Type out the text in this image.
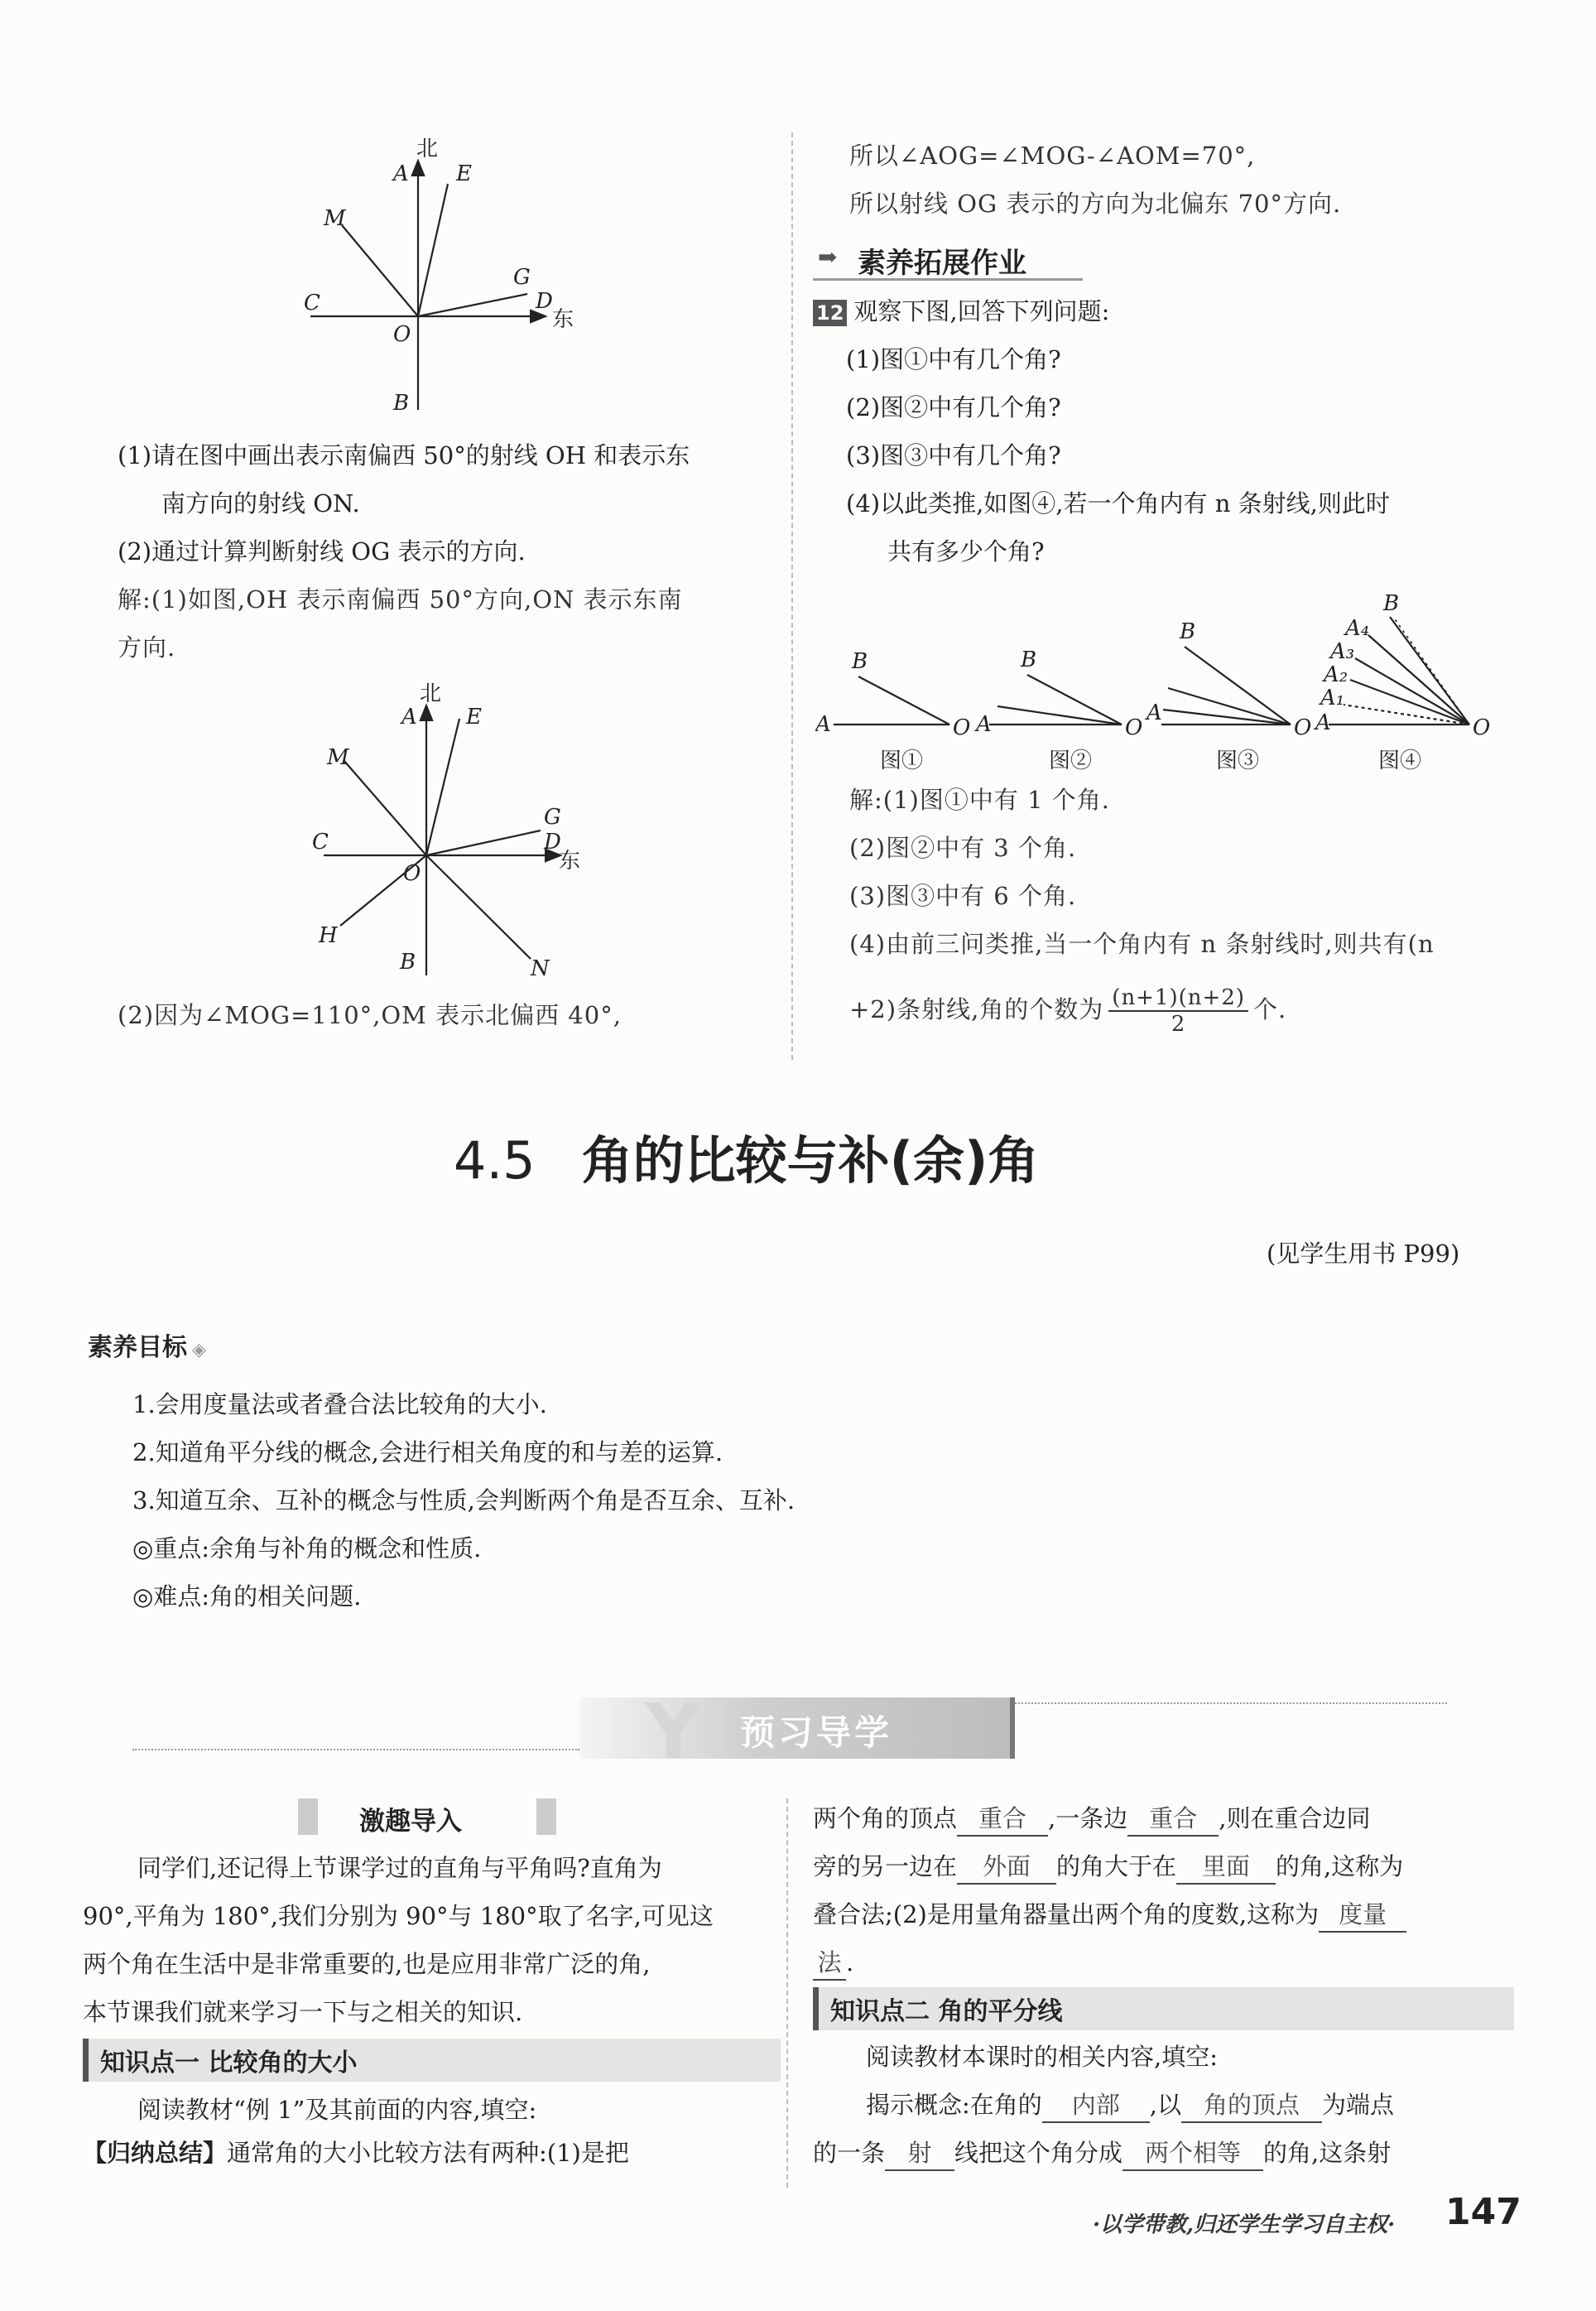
北
A E
M
G
C	D
东
O
B
(1)请在图中画出表示南偏西 50°的射线 OH 和表示东
南方向的射线 ON.
(2)通过计算判断射线 OG 表示的方向.
解:(1)如图,OH 表示南偏西 50°方向,ON 表示东南
方向.
北
A E
M
G
C	D
东
O
H
B	N
(2)因为∠MOG=110°,OM 表示北偏西 40°,
所以∠AOG=∠MOG-∠AOM=70°,
所以射线 OG 表示的方向为北偏东 70°方向.
➡ 素养拓展作业
12 观察下图,回答下列问题:
(1)图①中有几个角?
(2)图②中有几个角?
(3)图③中有几个角?
(4)以此类推,如图④,若一个角内有 n 条射线,则此时
共有多少个角?
A
B
O
图①
A
B
O
图②
A
B
O
图③
A
A₁
A₂
A₃
A₄
B
O
图④
解:(1)图①中有 1 个角.
(2)图②中有 3 个角.
(3)图③中有 6 个角.
(4)由前三问类推,当一个角内有 n 条射线时,则共有(n
+2)条射线,角的个数为 $\frac{(n+1)(n+2)}{2}$ 个.
4.5 角的比较与补(余)角
(见学生用书 P99)
素养目标 ◈
1.会用度量法或者叠合法比较角的大小.
2.知道角平分线的概念,会进行相关角度的和与差的运算.
3.知道互余、互补的概念与性质,会判断两个角是否互余、互补.
◎重点:余角与补角的概念和性质.
◎难点:角的相关问题.
Y 预习导学
激趣导入
同学们,还记得上节课学过的直角与平角吗?直角为
90°,平角为 180°,我们分别为 90°与 180°取了名字,可见这
两个角在生活中是非常重要的,也是应用非常广泛的角,
本节课我们就来学习一下与之相关的知识.
知识点一 比较角的大小
阅读教材“例 1”及其前面的内容,填空:
【归纳总结】通常角的大小比较方法有两种:(1)是把
两个角的顶点 重合 ,一条边 重合 ,则在重合边同
旁的另一边在 外面 的角大于在 里面 的角,这称为
叠合法;(2)是用量角器量出两个角的度数,这称为 度量
法 .
知识点二 角的平分线
阅读教材本课时的相关内容,填空:
揭示概念:在角的 内部 ,以 角的顶点 为端点
的一条 射 线把这个角分成 两个相等 的角,这条射
·以学带教,归还学生学习自主权· 147
